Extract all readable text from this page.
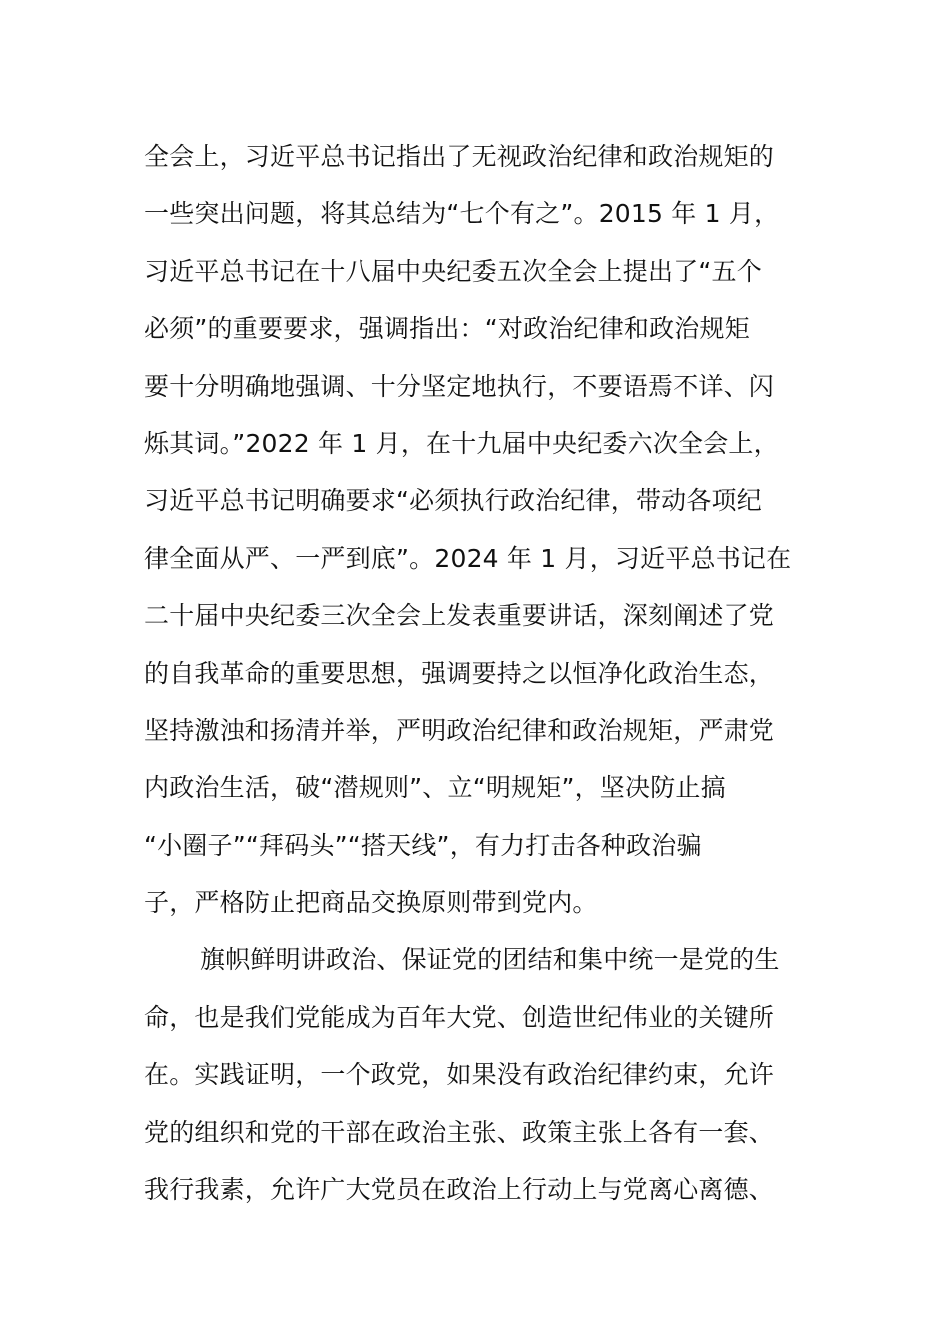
全会上，习近平总书记指出了无视政治纪律和政治规矩的
一些突出问题，将其总结为“七个有之”。2015 年 1 月，
习近平总书记在十八届中央纪委五次全会上提出了“五个
必须”的重要要求，强调指出：“对政治纪律和政治规矩
要十分明确地强调、十分坚定地执行，不要语焉不详、闪
烁其词。”2022 年 1 月，在十九届中央纪委六次全会上，
习近平总书记明确要求“必须执行政治纪律，带动各项纪
律全面从严、一严到底”。2024 年 1 月，习近平总书记在
二十届中央纪委三次全会上发表重要讲话，深刻阐述了党
的自我革命的重要思想，强调要持之以恒净化政治生态，
坚持激浊和扬清并举，严明政治纪律和政治规矩，严肃党
内政治生活，破“潜规则”、立“明规矩”，坚决防止搞
“小圈子”“拜码头”“搭天线”，有力打击各种政治骗
子，严格防止把商品交换原则带到党内。
旗帜鲜明讲政治、保证党的团结和集中统一是党的生
命，也是我们党能成为百年大党、创造世纪伟业的关键所
在。实践证明，一个政党，如果没有政治纪律约束，允许
党的组织和党的干部在政治主张、政策主张上各有一套、
我行我素，允许广大党员在政治上行动上与党离心离德、
